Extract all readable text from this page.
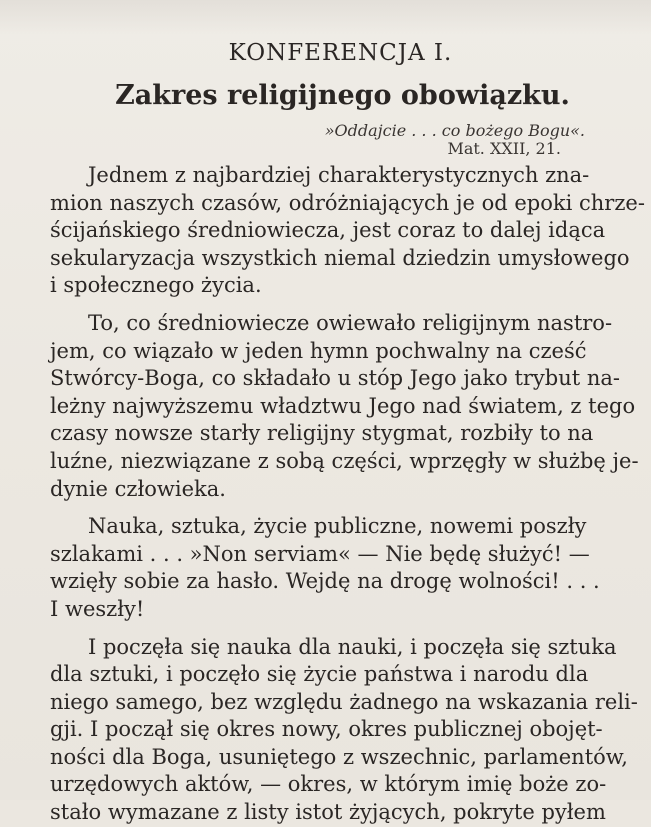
KONFERENCJA I.
Zakres religijnego obowiązku.
»Oddajcie . . . co bożego Bogu«.
Mat. XXII, 21.
Jednem z najbardziej charakterystycznych zna-
mion naszych czasów, odróżniających je od epoki chrze-
ścijańskiego średniowiecza, jest coraz to dalej idąca
sekularyzacja wszystkich niemal dziedzin umysłowego
i społecznego życia.
To, co średniowiecze owiewało religijnym nastro-
jem, co wiązało w jeden hymn pochwalny na cześć
Stwórcy-Boga, co składało u stóp Jego jako trybut na-
leżny najwyższemu władztwu Jego nad światem, z tego
czasy nowsze starły religijny stygmat, rozbiły to na
luźne, niezwiązane z sobą części, wprzęgły w służbę je-
dynie człowieka.
Nauka, sztuka, życie publiczne, nowemi poszły
szlakami . . . »Non serviam« — Nie będę służyć! —
wzięły sobie za hasło. Wejdę na drogę wolności! . . .
I weszły!
I poczęła się nauka dla nauki, i poczęła się sztuka
dla sztuki, i poczęło się życie państwa i narodu dla
niego samego, bez względu żadnego na wskazania reli-
gji. I począł się okres nowy, okres publicznej obojęt-
ności dla Boga, usuniętego z wszechnic, parlamentów,
urzędowych aktów, — okres, w którym imię boże zo-
stało wymazane z listy istot żyjących, pokryte pyłem
